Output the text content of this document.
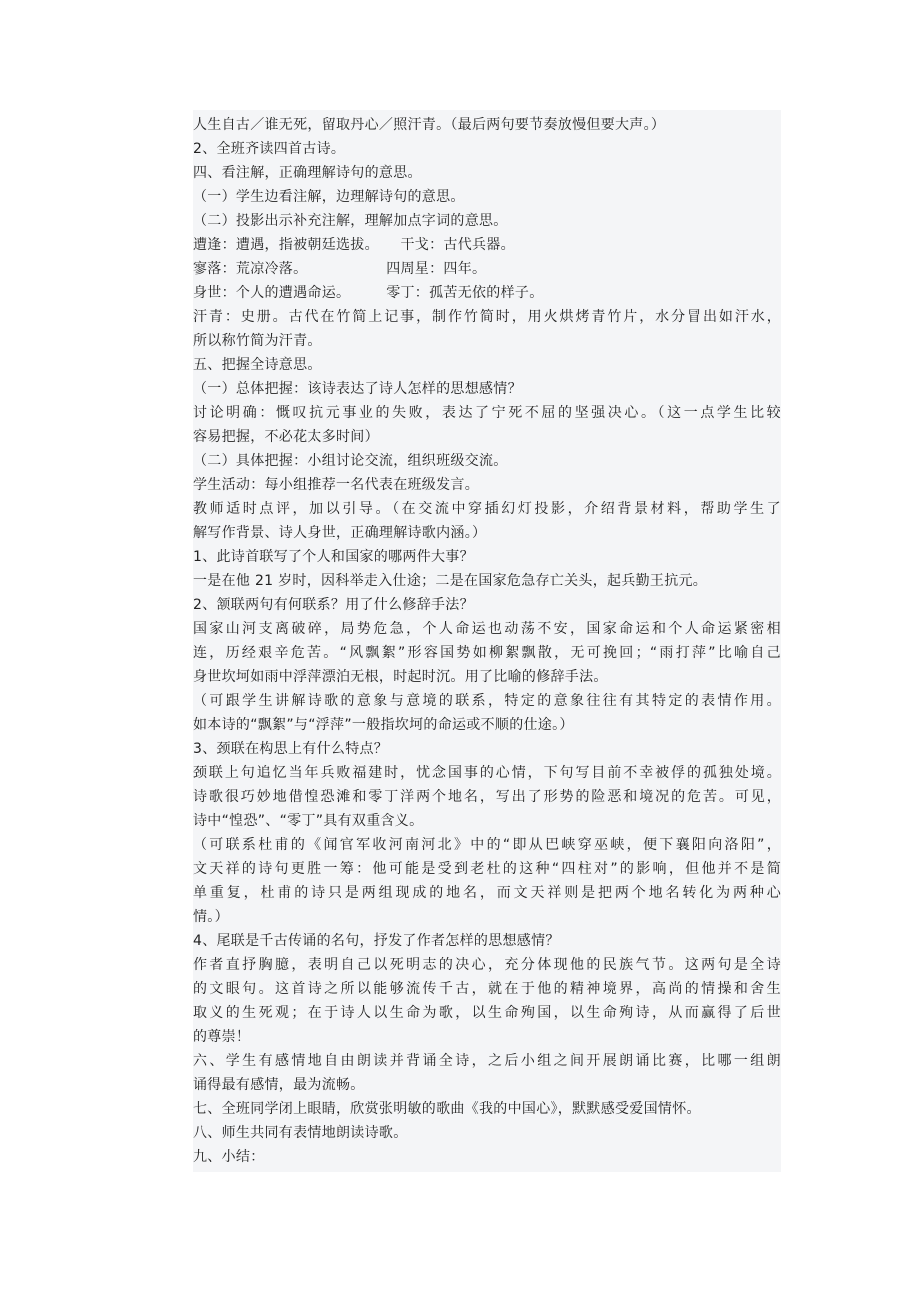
人生自古／谁无死，留取丹心／照汗青。（最后两句要节奏放慢但要大声。）
2、全班齐读四首古诗。
四、看注解，正确理解诗句的意思。
（一）学生边看注解，边理解诗句的意思。
（二）投影出示补充注解，理解加点字词的意思。
遭逢：遭遇，指被朝廷选拔。　　干戈：古代兵器。
寥落：荒凉冷落。　　　　　　四周星：四年。
身世：个人的遭遇命运。　　　零丁：孤苦无依的样子。
汗青：史册。古代在竹简上记事，制作竹简时，用火烘烤青竹片，水分冒出如汗水，
所以称竹简为汗青。
五、把握全诗意思。
（一）总体把握：该诗表达了诗人怎样的思想感情？
讨论明确：慨叹抗元事业的失败，表达了宁死不屈的坚强决心。（这一点学生比较
容易把握，不必花太多时间）
（二）具体把握：小组讨论交流，组织班级交流。
学生活动：每小组推荐一名代表在班级发言。
教师适时点评，加以引导。（在交流中穿插幻灯投影，介绍背景材料，帮助学生了
解写作背景、诗人身世，正确理解诗歌内涵。）
1、此诗首联写了个人和国家的哪两件大事？
一是在他 21 岁时，因科举走入仕途；二是在国家危急存亡关头，起兵勤王抗元。
2、颔联两句有何联系？用了什么修辞手法？
国家山河支离破碎，局势危急，个人命运也动荡不安，国家命运和个人命运紧密相
连，历经艰辛危苦。“风飘絮”形容国势如柳絮飘散，无可挽回；“雨打萍”比喻自己
身世坎坷如雨中浮萍漂泊无根，时起时沉。用了比喻的修辞手法。
（可跟学生讲解诗歌的意象与意境的联系，特定的意象往往有其特定的表情作用。
如本诗的“飘絮”与“浮萍”一般指坎坷的命运或不顺的仕途。）
3、颈联在构思上有什么特点？
颈联上句追忆当年兵败福建时，忧念国事的心情，下句写目前不幸被俘的孤独处境。
诗歌很巧妙地借惶恐滩和零丁洋两个地名，写出了形势的险恶和境况的危苦。可见，
诗中“惶恐”、“零丁”具有双重含义。
（可联系杜甫的《闻官军收河南河北》中的“即从巴峡穿巫峡，便下襄阳向洛阳”，
文天祥的诗句更胜一筹：他可能是受到老杜的这种“四柱对”的影响，但他并不是简
单重复，杜甫的诗只是两组现成的地名，而文天祥则是把两个地名转化为两种心
情。）
4、尾联是千古传诵的名句，抒发了作者怎样的思想感情？
作者直抒胸臆，表明自己以死明志的决心，充分体现他的民族气节。这两句是全诗
的文眼句。这首诗之所以能够流传千古，就在于他的精神境界，高尚的情操和舍生
取义的生死观；在于诗人以生命为歌，以生命殉国，以生命殉诗，从而赢得了后世
的尊崇！
六、学生有感情地自由朗读并背诵全诗，之后小组之间开展朗诵比赛，比哪一组朗
诵得最有感情，最为流畅。
七、全班同学闭上眼睛，欣赏张明敏的歌曲《我的中国心》，默默感受爱国情怀。
八、师生共同有表情地朗读诗歌。
九、小结：
